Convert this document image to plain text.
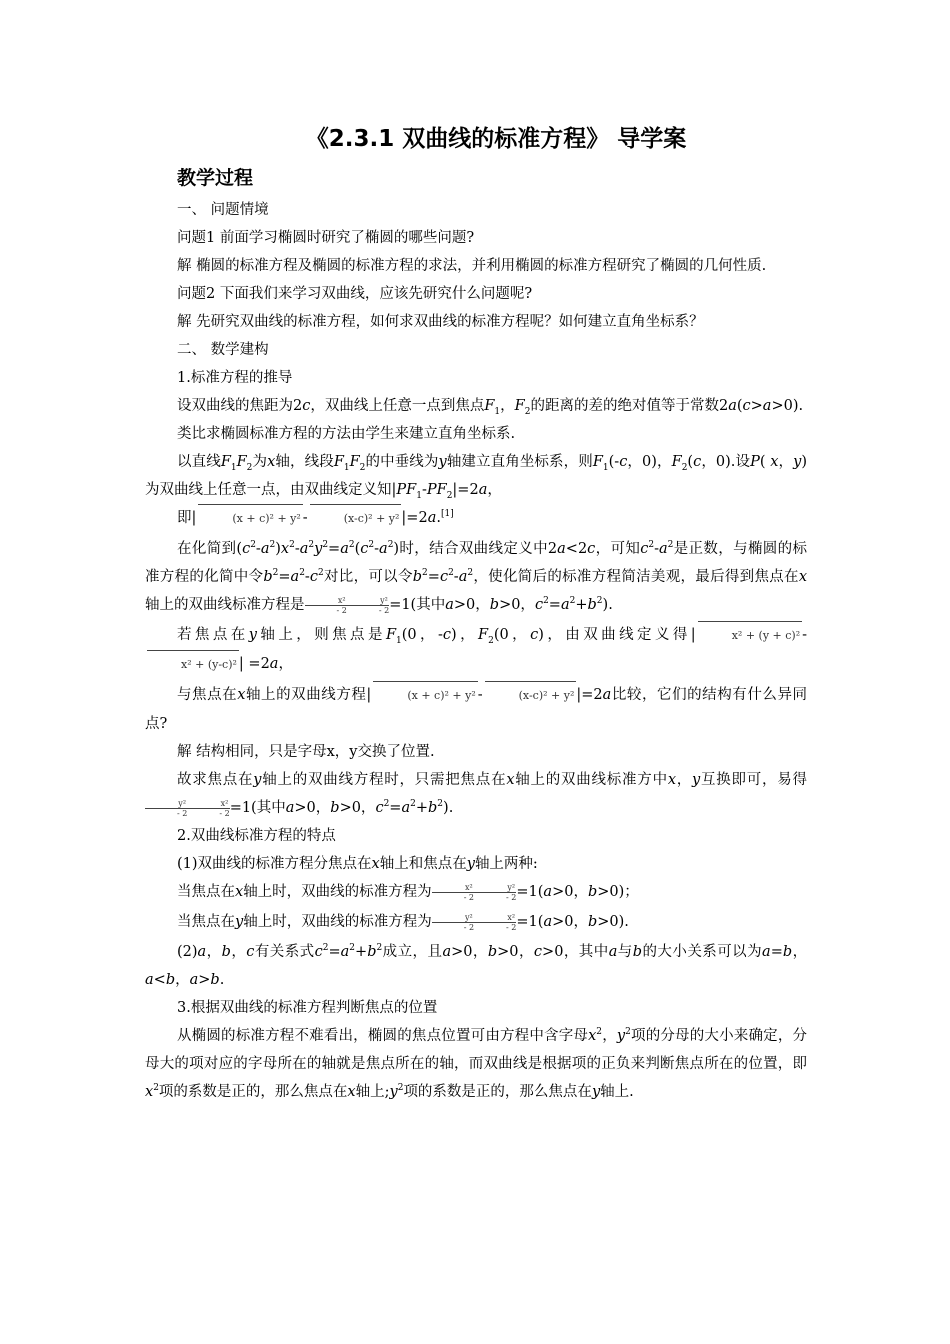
《2.3.1 双曲线的标准方程》 导学案
教学过程

一、 问题情境

问题1 前面学习椭圆时研究了椭圆的哪些问题?

解 椭圆的标准方程及椭圆的标准方程的求法，并利用椭圆的标准方程研究了椭圆的几何性质.

问题2 下面我们来学习双曲线，应该先研究什么问题呢?

解 先研究双曲线的标准方程，如何求双曲线的标准方程呢？如何建立直角坐标系？

二、 数学建构

1.标准方程的推导

设双曲线的焦距为2c，双曲线上任意一点到焦点$F_1$，$F_2$的距离的差的绝对值等于常数2a(c>a>0).

类比求椭圆标准方程的方法由学生来建立直角坐标系.

以直线$F_1F_2$为x轴，线段$F_1F_2$的中垂线为y轴建立直角坐标系，则$F_1(-c$，0)，$F_2(c$，0).设P( x，y)为双曲线上任意一点，由双曲线定义知$|PF_1-PF_2|=2a$，

即|	(x + c)² + y² -	(x-c)² + y² |=2a.[1]

在化简到$(c^2-a^2)x^2-a^2y^2=a^2(c^2-a^2)$时，结合双曲线定义中2a<2c，可知$c^2-a^2$是正数，与椭圆的标准方程的化简中令$b^2=a^2-c^2$对比，可以令$b^2=c^2-a^2$，使化简后的标准方程简洁美观，最后得到焦点在x轴上的双曲线标准方程是 $\frac{\text{x²}}{- 2} \frac{\text{y²}}{- 2} =1$(其中a>0，b>0，$c^2=a^2+b^2$).

若焦点在y轴上，则焦点是$F_1(0$，-c)，$F_2(0$，c)，由双曲线定义得|	x² + (y + c)² -x² + (y-c)² | =2a，

与焦点在x轴上的双曲线方程|	(x + c)² + y² -	(x-c)² + y² |=2a比较，它们的结构有什么异同点?

解 结构相同，只是字母x，y交换了位置.

故求焦点在y轴上的双曲线方程时，只需把焦点在x轴上的双曲线标准方中x，y互换即可，易得
$\frac{\text{y²}}{- 2} \frac{\text{x²}}{- 2} =1$(其中a>0，b>0，$c^2=a^2+b^2$).

2.双曲线标准方程的特点

(1)双曲线的标准方程分焦点在x轴上和焦点在y轴上两种:

当焦点在x轴上时，双曲线的标准方程为 $\frac{\text{x²}}{- 2} \frac{\text{y²}}{- 2} =1(a>0$，b>0)；

当焦点在y轴上时，双曲线的标准方程为 $\frac{\text{y²}}{- 2} \frac{\text{x²}}{- 2} =1(a>0$，b>0).

(2)a，b，c有关系式$c^2=a^2+b^2$成立，且a>0，b>0，c>0，其中a与b的大小关系可以为a=b，a<b，a>b.

3.根据双曲线的标准方程判断焦点的位置

从椭圆的标准方程不难看出，椭圆的焦点位置可由方程中含字母$x^2$，$y^2$项的分母的大小来确定，分母大的项对应的字母所在的轴就是焦点所在的轴，而双曲线是根据项的正负来判断焦点所在的位置，即$x^2$项的系数是正的，那么焦点在x轴上$;y^2$项的系数是正的，那么焦点在y轴上.
